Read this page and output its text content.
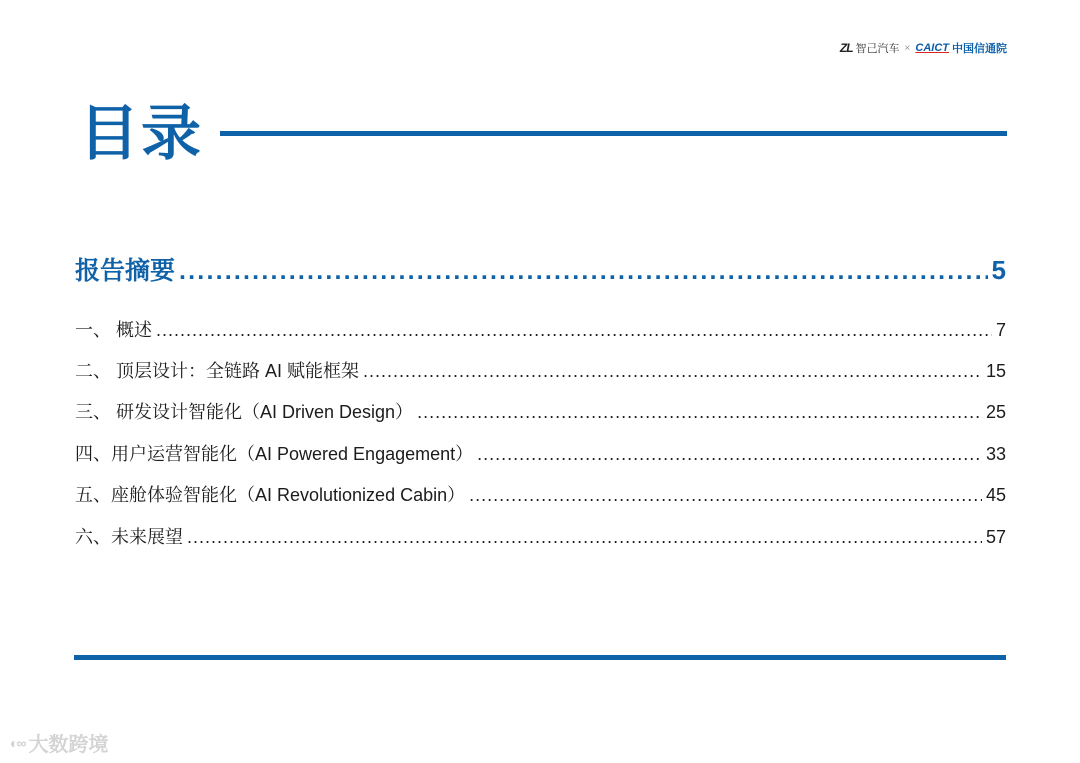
ZL 智己汽车 × CAICT 中国信通院
目录
报告摘要 .....	5
一、 概述 .....	7
二、 顶层设计：全链路 AI 赋能框架 .....	15
三、 研发设计智能化（AI Driven Design） .....	25
四、用户运营智能化（AI Powered Engagement） .....	33
五、座舱体验智能化（AI Revolutionized Cabin） .....	45
六、未来展望 .....	57
◐∞ 大数跨境
